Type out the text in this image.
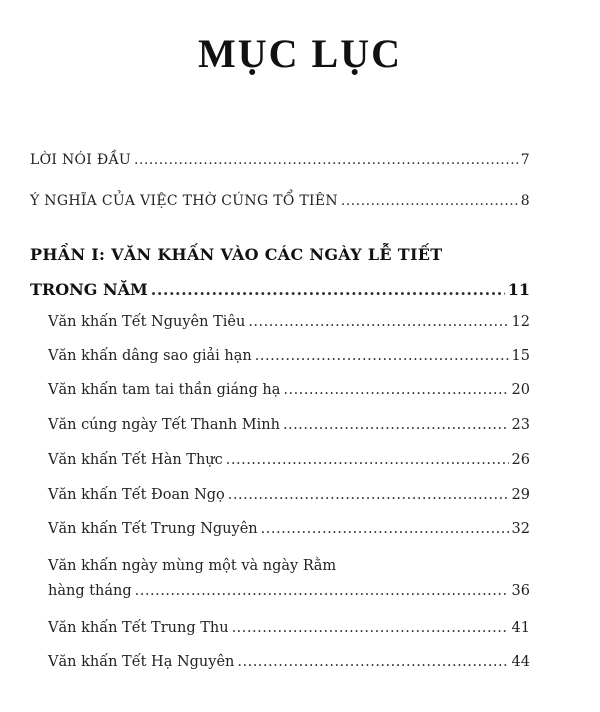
MỤC LỤC
LỜI NÓI ĐẦU .....	7
Ý NGHĨA CỦA VIỆC THỜ CÚNG TỔ TIÊN .....	8
PHẦN I: VĂN KHẤN VÀO CÁC NGÀY LỄ TIẾT
TRONG NĂM .....	11
Văn khấn Tết Nguyên Tiêu .....	12
Văn khấn dâng sao giải hạn .....	15
Văn khấn tam tai thần giáng hạ .....	20
Văn cúng ngày Tết Thanh Minh .....	23
Văn khấn Tết Hàn Thực .....	26
Văn khấn Tết Đoan Ngọ .....	29
Văn khấn Tết Trung Nguyên .....	32
Văn khấn ngày mùng một và ngày Rằm
hàng tháng .....	36
Văn khấn Tết Trung Thu .....	41
Văn khấn Tết Hạ Nguyên .....	44
